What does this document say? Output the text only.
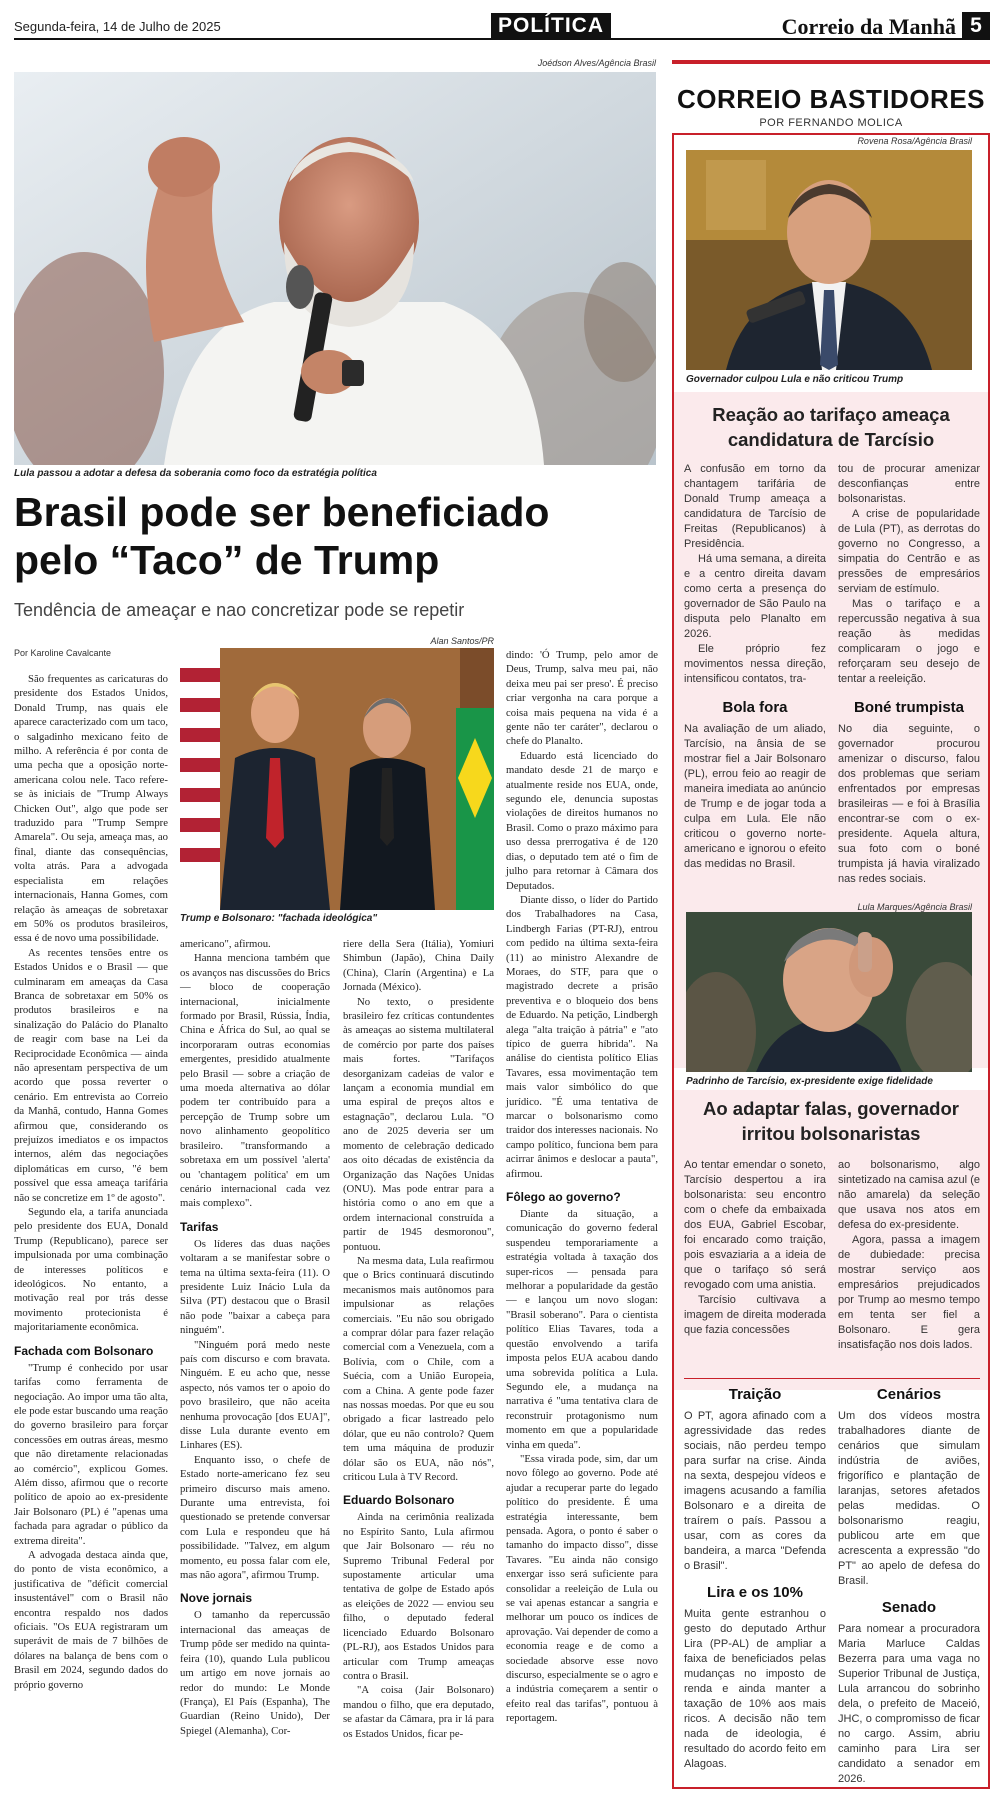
Segunda-feira, 14 de Julho de 2025	POLÍTICA	Correio da Manhã 5
Joédson Alves/Agência Brasil
Lula passou a adotar a defesa da soberania como foco da estratégia política
Brasil pode ser beneficiado
pelo “Taco” de Trump
Tendência de ameaçar e nao concretizar pode se repetir
Por Karoline Cavalcante
Alan Santos/PR
Trump e Bolsonaro: "fachada ideológica"

São frequentes as caricaturas do presidente dos Estados Unidos, Donald Trump, nas quais ele aparece caracterizado com um taco, o salgadinho mexicano feito de milho. A referência é por conta de uma pecha que a oposição norte-americana colou nele. Taco refere-se às iniciais de "Trump Always Chicken Out", algo que pode ser traduzido para "Trump Sempre Amarela". Ou seja, ameaça mas, ao final, diante das consequências, volta atrás. Para a advogada especialista em relações internacionais, Hanna Gomes, com relação às ameaças de sobretaxar em 50% os produtos brasileiros, essa é de novo uma possibilidade.

As recentes tensões entre os Estados Unidos e o Brasil — que culminaram em ameaças da Casa Branca de sobretaxar em 50% os produtos brasileiros e na sinalização do Palácio do Planalto de reagir com base na Lei da Reciprocidade Econômica — ainda não apresentam perspectiva de um acordo que possa reverter o cenário. Em entrevista ao Correio da Manhã, contudo, Hanna Gomes afirmou que, considerando os prejuízos imediatos e os impactos internos, além das negociações diplomáticas em curso, "é bem possível que essa ameaça tarifária não se concretize em 1º de agosto".

Segundo ela, a tarifa anunciada pelo presidente dos EUA, Donald Trump (Republicano), parece ser impulsionada por uma combinação de interesses políticos e ideológicos. No entanto, a motivação real por trás desse movimento protecionista é majoritariamente econômica.

Fachada com Bolsonaro

"Trump é conhecido por usar tarifas como ferramenta de negociação. Ao impor uma tão alta, ele pode estar buscando uma reação do governo brasileiro para forçar concessões em outras áreas, mesmo que não diretamente relacionadas ao comércio", explicou Gomes. Além disso, afirmou que o recorte político de apoio ao ex-presidente Jair Bolsonaro (PL) é "apenas uma fachada para agradar o público da extrema direita".

A advogada destaca ainda que, do ponto de vista econômico, a justificativa de "déficit comercial insustentável" com o Brasil não encontra respaldo nos dados oficiais. "Os EUA registraram um superávit de mais de 7 bilhões de dólares na balança de bens com o Brasil em 2024, segundo dados do próprio governo

americano", afirmou.

Hanna menciona também que os avanços nas discussões do Brics — bloco de cooperação internacional, inicialmente formado por Brasil, Rússia, Índia, China e África do Sul, ao qual se incorporaram outras economias emergentes, presidido atualmente pelo Brasil — sobre a criação de uma moeda alternativa ao dólar podem ter contribuído para a percepção de Trump sobre um novo alinhamento geopolítico brasileiro. "transformando a sobretaxa em um possível 'alerta' ou 'chantagem política' em um cenário internacional cada vez mais complexo".

Tarifas

Os líderes das duas nações voltaram a se manifestar sobre o tema na última sexta-feira (11). O presidente Luiz Inácio Lula da Silva (PT) destacou que o Brasil não pode "baixar a cabeça para ninguém".

"Ninguém porá medo neste país com discurso e com bravata. Ninguém. E eu acho que, nesse aspecto, nós vamos ter o apoio do povo brasileiro, que não aceita nenhuma provocação [dos EUA]", disse Lula durante evento em Linhares (ES).

Enquanto isso, o chefe de Estado norte-americano fez seu primeiro discurso mais ameno. Durante uma entrevista, foi questionado se pretende conversar com Lula e respondeu que há possibilidade. "Talvez, em algum momento, eu possa falar com ele, mas não agora", afirmou Trump.

Nove jornais

O tamanho da repercussão internacional das ameaças de Trump pôde ser medido na quinta-feira (10), quando Lula publicou um artigo em nove jornais ao redor do mundo: Le Monde (França), El País (Espanha), The Guardian (Reino Unido), Der Spiegel (Alemanha), Cor-

riere della Sera (Itália), Yomiuri Shimbun (Japão), China Daily (China), Clarín (Argentina) e La Jornada (México).

No texto, o presidente brasileiro fez críticas contundentes às ameaças ao sistema multilateral de comércio por parte dos países mais fortes. "Tarifaços desorganizam cadeias de valor e lançam a economia mundial em uma espiral de preços altos e estagnação", declarou Lula. "O ano de 2025 deveria ser um momento de celebração dedicado aos oito décadas de existência da Organização das Nações Unidas (ONU). Mas pode entrar para a história como o ano em que a ordem internacional construída a partir de 1945 desmoronou", pontuou.

Na mesma data, Lula reafirmou que o Brics continuará discutindo mecanismos mais autônomos para impulsionar as relações comerciais. "Eu não sou obrigado a comprar dólar para fazer relação comercial com a Venezuela, com a Bolívia, com o Chile, com a Suécia, com a União Europeia, com a China. A gente pode fazer nas nossas moedas. Por que eu sou obrigado a ficar lastreado pelo dólar, que eu não controlo? Quem tem uma máquina de produzir dólar são os EUA, não nós", criticou Lula à TV Record.

Eduardo Bolsonaro

Ainda na cerimônia realizada no Espírito Santo, Lula afirmou que Jair Bolsonaro — réu no Supremo Tribunal Federal por supostamente articular uma tentativa de golpe de Estado após as eleições de 2022 — enviou seu filho, o deputado federal licenciado Eduardo Bolsonaro (PL-RJ), aos Estados Unidos para articular com Trump ameaças contra o Brasil.

"A coisa (Jair Bolsonaro) mandou o filho, que era deputado, se afastar da Câmara, pra ir lá para os Estados Unidos, ficar pe-

dindo: 'Ó Trump, pelo amor de Deus, Trump, salva meu pai, não deixa meu pai ser preso'. É preciso criar vergonha na cara porque a coisa mais pequena na vida é a gente não ter caráter", declarou o chefe do Planalto.

Eduardo está licenciado do mandato desde 21 de março e atualmente reside nos EUA, onde, segundo ele, denuncia supostas violações de direitos humanos no Brasil. Como o prazo máximo para uso dessa prerrogativa é de 120 dias, o deputado tem até o fim de julho para retornar à Câmara dos Deputados.

Diante disso, o líder do Partido dos Trabalhadores na Casa, Lindbergh Farias (PT-RJ), entrou com pedido na última sexta-feira (11) ao ministro Alexandre de Moraes, do STF, para que o magistrado decrete a prisão preventiva e o bloqueio dos bens de Eduardo. Na petição, Lindbergh alega "alta traição à pátria" e "ato típico de guerra híbrida". Na análise do cientista político Elias Tavares, essa movimentação tem mais valor simbólico do que jurídico. "É uma tentativa de marcar o bolsonarismo como traidor dos interesses nacionais. No campo político, funciona bem para acirrar ânimos e deslocar a pauta", afirmou.

Fôlego ao governo?

Diante da situação, a comunicação do governo federal suspendeu temporariamente a estratégia voltada à taxação dos super-ricos — pensada para melhorar a popularidade da gestão — e lançou um novo slogan: "Brasil soberano". Para o cientista político Elias Tavares, toda a questão envolvendo a tarifa imposta pelos EUA acabou dando uma sobrevida política a Lula. Segundo ele, a mudança na narrativa é "uma tentativa clara de reconstruir protagonismo num momento em que a popularidade vinha em queda".

"Essa virada pode, sim, dar um novo fôlego ao governo. Pode até ajudar a recuperar parte do legado político do presidente. É uma estratégia interessante, bem pensada. Agora, o ponto é saber o tamanho do impacto disso", disse Tavares. "Eu ainda não consigo enxergar isso será suficiente para consolidar a reeleição de Lula ou se vai apenas estancar a sangria e melhorar um pouco os índices de aprovação. Vai depender de como a economia reage e de como a sociedade absorve esse novo discurso, especialmente se o agro e a indústria começarem a sentir o efeito real das tarifas", pontuou à reportagem.

CORREIO BASTIDORES
POR FERNANDO MOLICA
Rovena Rosa/Agência Brasil
Governador culpou Lula e não criticou Trump
Reação ao tarifaço ameaça
candidatura de Tarcísio

A confusão em torno da chantagem tarifária de Donald Trump ameaça a candidatura de Tarcísio de Freitas (Republicanos) à Presidência.

Há uma semana, a direita e a centro direita davam como certa a presença do governador de São Paulo na disputa pelo Planalto em 2026.

Ele próprio fez movimentos nessa direção, intensificou contatos, tra-

Bola fora

Na avaliação de um aliado, Tarcísio, na ânsia de se mostrar fiel a Jair Bolsonaro (PL), errou feio ao reagir de maneira imediata ao anúncio de Trump e de jogar toda a culpa em Lula. Ele não criticou o governo norte-americano e ignorou o efeito das medidas no Brasil.

tou de procurar amenizar desconfianças entre bolsonaristas.

A crise de popularidade de Lula (PT), as derrotas do governo no Congresso, a simpatia do Centrão e as pressões de empresários serviam de estímulo.

Mas o tarifaço e a repercussão negativa à sua reação às medidas complicaram o jogo e reforçaram seu desejo de tentar a reeleição.

Boné trumpista

No dia seguinte, o governador procurou amenizar o discurso, falou dos problemas que seriam enfrentados por empresas brasileiras — e foi à Brasília encontrar-se com o ex-presidente. Aquela altura, sua foto com o boné trumpista já havia viralizado nas redes sociais.

Lula Marques/Agência Brasil
Padrinho de Tarcísio, ex-presidente exige fidelidade
Ao adaptar falas, governador
irritou bolsonaristas

Ao tentar emendar o soneto, Tarcísio despertou a ira bolsonarista: seu encontro com o chefe da embaixada dos EUA, Gabriel Escobar, foi encarado como traição, pois esvaziaria a a ideia de que o tarifaço só será revogado com uma anistia.

Tarcísio cultivava a imagem de direita moderada que fazia concessões

ao bolsonarismo, algo sintetizado na camisa azul (e não amarela) da seleção que usava nos atos em defesa do ex-presidente.

Agora, passa a imagem de dubiedade: precisa mostrar serviço aos empresários prejudicados por Trump ao mesmo tempo em tenta ser fiel a Bolsonaro. E gera insatisfação nos dois lados.

Traição

O PT, agora afinado com a agressividade das redes sociais, não perdeu tempo para surfar na crise. Ainda na sexta, despejou vídeos e imagens acusando a família Bolsonaro e a direita de traírem o país. Passou a usar, com as cores da bandeira, a marca "Defenda o Brasil".

Lira e os 10%

Muita gente estranhou o gesto do deputado Arthur Lira (PP-AL) de ampliar a faixa de beneficiados pelas mudanças no imposto de renda e ainda manter a taxação de 10% aos mais ricos. A decisão não tem nada de ideologia, é resultado do acordo feito em Alagoas.

Cenários

Um dos vídeos mostra trabalhadores diante de cenários que simulam indústria de aviões, frigorífico e plantação de laranjas, setores afetados pelas medidas. O bolsonarismo reagiu, publicou arte em que acrescenta a expressão "do PT" ao apelo de defesa do Brasil.

Senado

Para nomear a procuradora Maria Marluce Caldas Bezerra para uma vaga no Superior Tribunal de Justiça, Lula arrancou do sobrinho dela, o prefeito de Maceió, JHC, o compromisso de ficar no cargo. Assim, abriu caminho para Lira ser candidato a senador em 2026.
